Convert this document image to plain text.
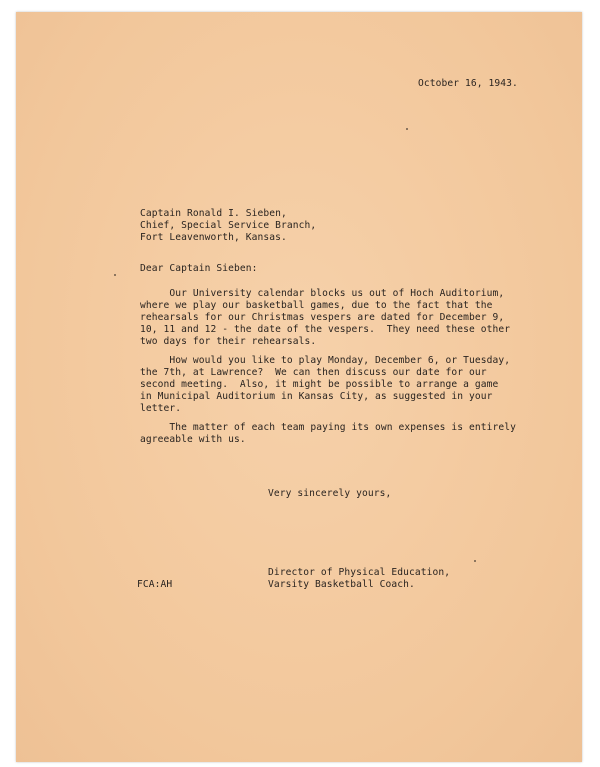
October 16, 1943.
Captain Ronald I. Sieben,
Chief, Special Service Branch,
Fort Leavenworth, Kansas.
Dear Captain Sieben:
Our University calendar blocks us out of Hoch Auditorium,
where we play our basketball games, due to the fact that the
rehearsals for our Christmas vespers are dated for December 9,
10, 11 and 12 - the date of the vespers.  They need these other
two days for their rehearsals.
How would you like to play Monday, December 6, or Tuesday,
the 7th, at Lawrence?  We can then discuss our date for our
second meeting.  Also, it might be possible to arrange a game
in Municipal Auditorium in Kansas City, as suggested in your
letter.
The matter of each team paying its own expenses is entirely
agreeable with us.
Very sincerely yours,
Director of Physical Education,
Varsity Basketball Coach.
FCA:AH
